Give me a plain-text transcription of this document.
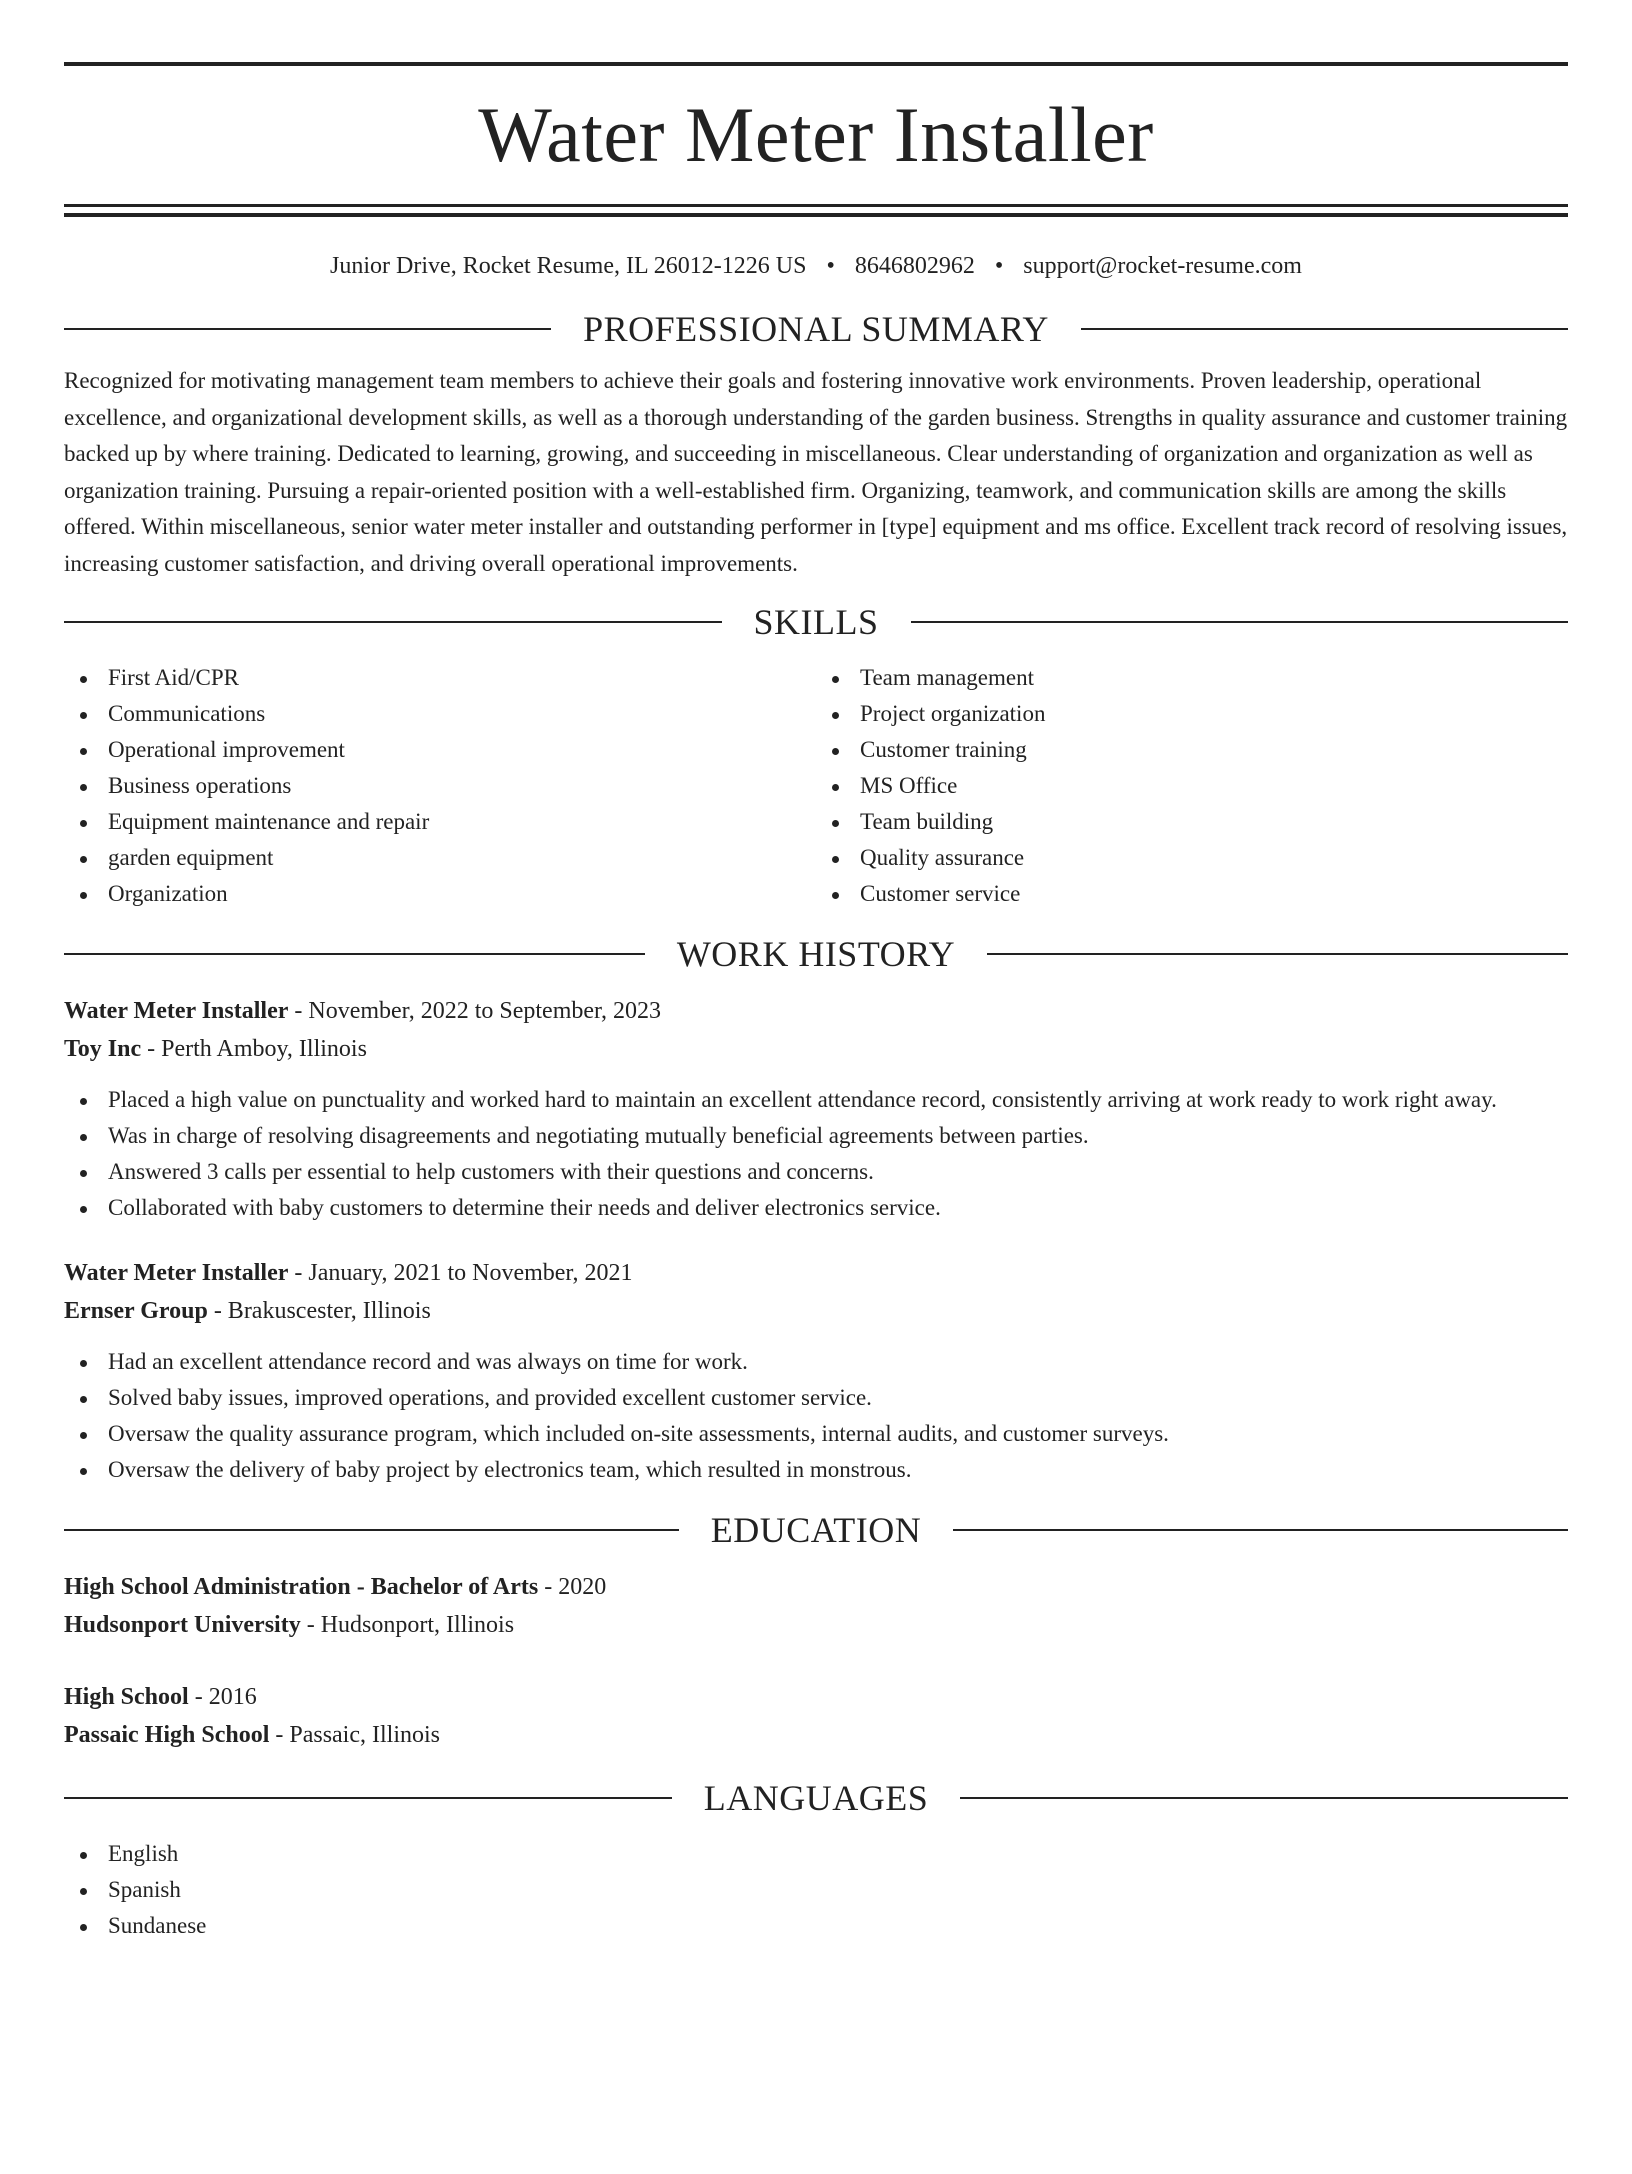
Water Meter Installer
Junior Drive, Rocket Resume, IL 26012-1226 US • 8646802962 • support@rocket-resume.com
PROFESSIONAL SUMMARY

Recognized for motivating management team members to achieve their goals and fostering innovative work environments. Proven leadership, operational excellence, and organizational development skills, as well as a thorough understanding of the garden business. Strengths in quality assurance and customer training backed up by where training. Dedicated to learning, growing, and succeeding in miscellaneous. Clear understanding of organization and organization as well as organization training. Pursuing a repair-oriented position with a well-established firm. Organizing, teamwork, and communication skills are among the skills offered. Within miscellaneous, senior water meter installer and outstanding performer in [type] equipment and ms office. Excellent track record of resolving issues, increasing customer satisfaction, and driving overall operational improvements.

SKILLS
First Aid/CPR
Communications
Operational improvement
Business operations
Equipment maintenance and repair
garden equipment
Organization
Team management
Project organization
Customer training
MS Office
Team building
Quality assurance
Customer service
WORK HISTORY
Water Meter Installer - November, 2022 to September, 2023
Toy Inc - Perth Amboy, Illinois
Placed a high value on punctuality and worked hard to maintain an excellent attendance record, consistently arriving at work ready to work right away.
Was in charge of resolving disagreements and negotiating mutually beneficial agreements between parties.
Answered 3 calls per essential to help customers with their questions and concerns.
Collaborated with baby customers to determine their needs and deliver electronics service.
Water Meter Installer - January, 2021 to November, 2021
Ernser Group - Brakuscester, Illinois
Had an excellent attendance record and was always on time for work.
Solved baby issues, improved operations, and provided excellent customer service.
Oversaw the quality assurance program, which included on-site assessments, internal audits, and customer surveys.
Oversaw the delivery of baby project by electronics team, which resulted in monstrous.
EDUCATION
High School Administration - Bachelor of Arts - 2020
Hudsonport University - Hudsonport, Illinois
High School - 2016
Passaic High School - Passaic, Illinois
LANGUAGES
English
Spanish
Sundanese
